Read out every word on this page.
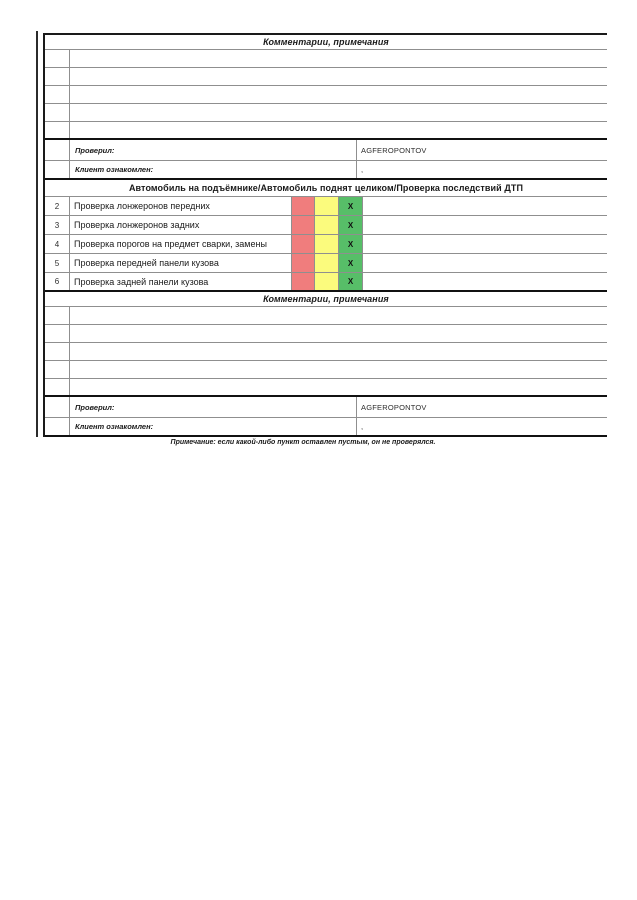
Комментарии, примечания
Проверил:	AGFEROPONTOV
Клиент ознакомлен:	,
Автомобиль на подъёмнике/Автомобиль поднят целиком/Проверка последствий ДТП
2	Проверка лонжеронов передних	X
3	Проверка лонжеронов задних	X
4	Проверка порогов на предмет сварки, замены	X
5	Проверка передней панели кузова	X
6	Проверка задней панели кузова	X
Комментарии, примечания
Проверил:	AGFEROPONTOV
Клиент ознакомлен:	,
Примечание: если какой-либо пункт оставлен пустым, он не проверялся.
